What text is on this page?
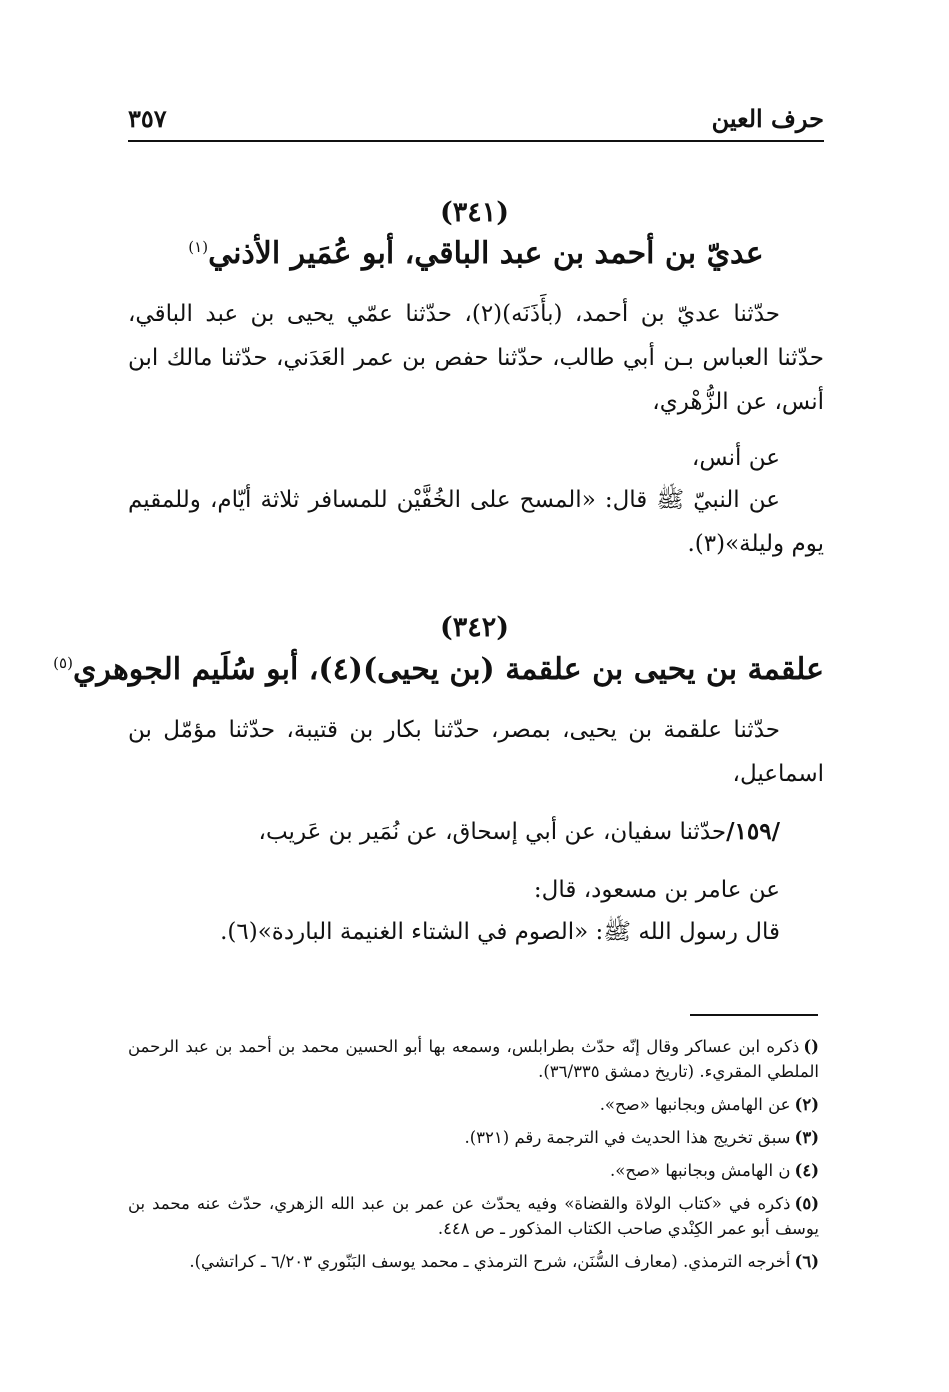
حرف العين
٣٥٧
(٣٤١)
عديّ بن أحمد بن عبد الباقي، أبو عُمَير الأذني$^{(١)}$

حدّثنا عديّ بن أحمد، (بأَذَنَه)(٢)، حدّثنا عمّي يحيى بن عبد الباقي، حدّثنا العباس بـن أبي طالب، حدّثنا حفص بن عمر العَدَني، حدّثنا مالك ابن أنس، عن الزُّهْري،

عن أنس،

عن النبيّ ﷺ قال: «المسح على الخُفَّيْن للمسافر ثلاثة أيّام، وللمقيم يوم وليلة»(٣).

(٣٤٢)
علقمة بن يحيى بن علقمة (بن يحيى)(٤)، أبو سُلَيم الجوهري$^{(٥)}$

حدّثنا علقمة بن يحيى، بمصر، حدّثنا بكار بن قتيبة، حدّثنا مؤمّل بن اسماعيل،

/١٥٩/حدّثنا سفيان، عن أبي إسحاق، عن نُمَير بن عَريب،

عن عامر بن مسعود، قال:

قال رسول الله ﷺ: «الصوم في الشتاء الغنيمة الباردة»(٦).

()ذكره ابن عساكر وقال إنّه حدّث بطرابلس، وسمعه بها أبو الحسين محمد بن أحمد بن عبد الرحمن الملطي المقريء. (تاريخ دمشق ٣٦/٣٣٥).

(٢)عن الهامش وبجانبها «صح».

(٣)سبق تخريج هذا الحديث في الترجمة رقم (٣٢١).

(٤)ن الهامش وبجانبها «صح».

(٥)ذكره في «كتاب الولاة والقضاة» وفيه يحدّث عن عمر بن عبد الله الزهري، حدّث عنه محمد بن يوسف أبو عمر الكِنْدي صاحب الكتاب المذكور ـ ص ٤٤٨.

(٦)أخرجه الترمذي. (معارف السُّنَن، شرح الترمذي ـ محمد يوسف البَنّوري ٦/٢٠٣ ـ كراتشي).
